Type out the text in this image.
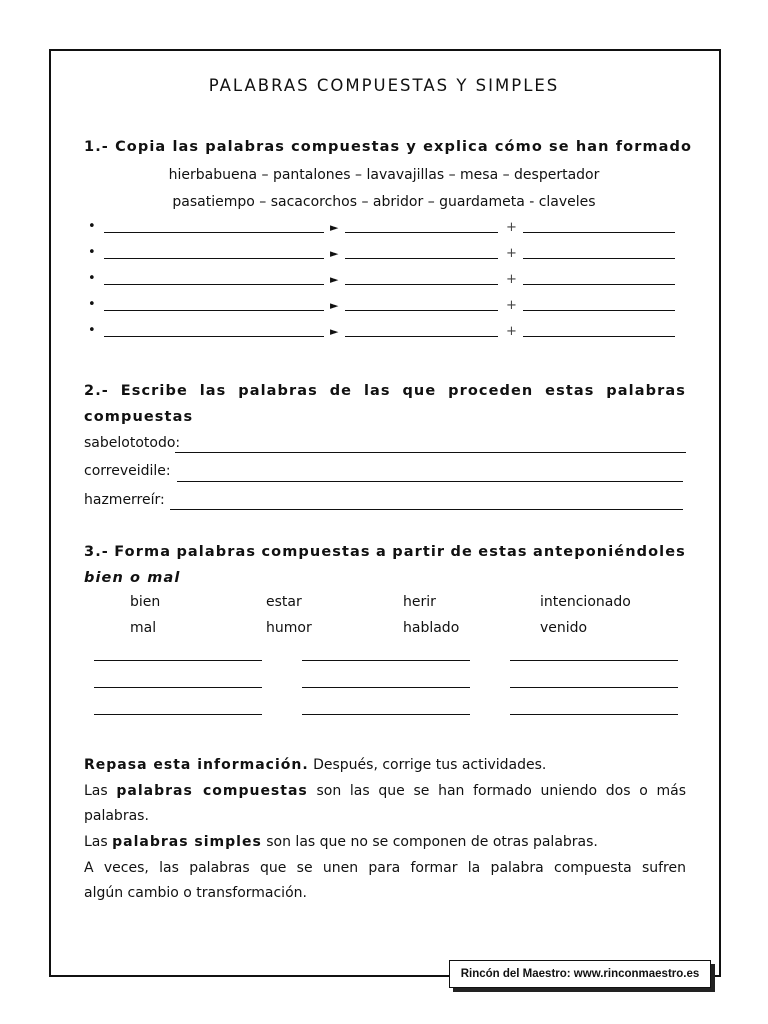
PALABRAS COMPUESTAS Y SIMPLES
1.- Copia las palabras compuestas y explica cómo se han formado
hierbabuena – pantalones – lavavajillas – mesa – despertador
pasatiempo – sacacorchos – abridor – guardameta - claveles
•	►	+
•	►	+
•	►	+
•	►	+
•	►	+
2.- Escribe las palabras de las que proceden estas palabras
compuestas
sabelototodo:
correveidile:
hazmerreír:
3.- Forma palabras compuestas a partir de estas anteponiéndoles
bien o mal
bien	estar	herir	intencionado
mal	humor	hablado	venido
Repasa esta información. Después, corrige tus actividades.
Las palabras compuestas son las que se han formado uniendo dos o más
palabras.
Las palabras simples son las que no se componen de otras palabras.
A veces, las palabras que se unen para formar la palabra compuesta sufren
algún cambio o transformación.
Rincón del Maestro: www.rinconmaestro.es
